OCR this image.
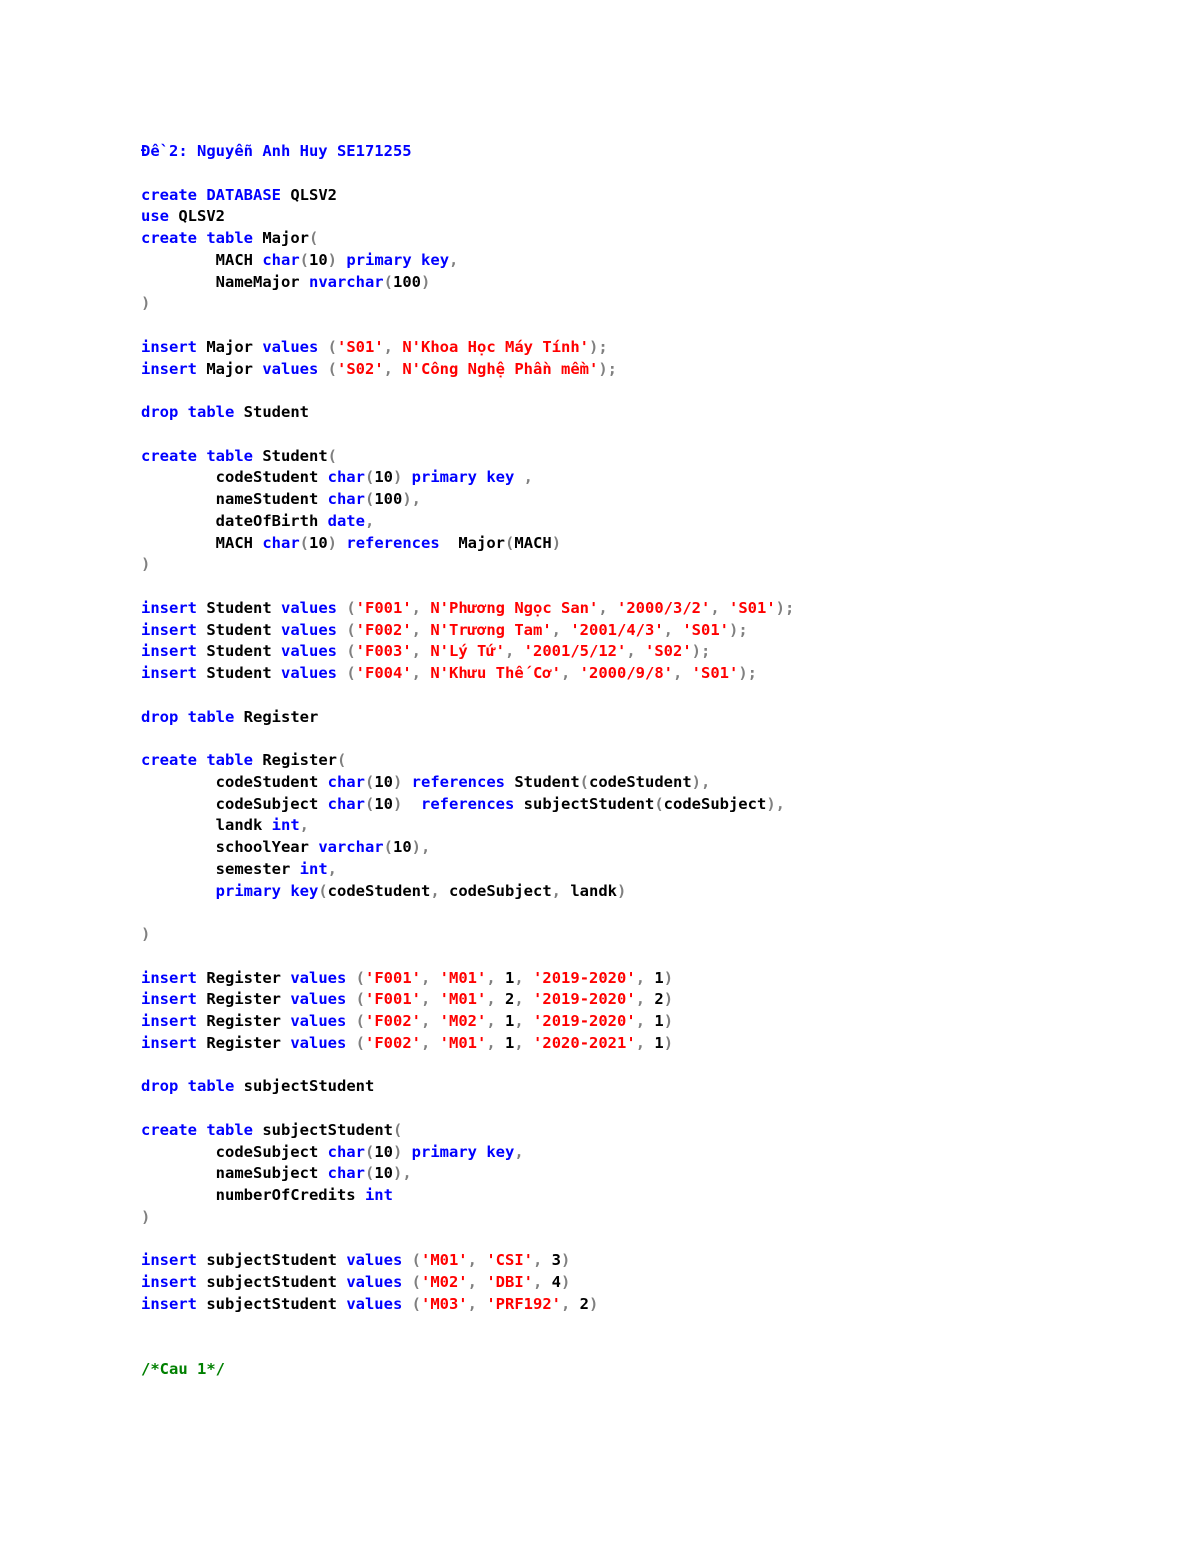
Đề 2: Nguyễn Anh Huy SE171255

create DATABASE QLSV2
use QLSV2
create table Major(
	MACH char(10) primary key,
	NameMajor nvarchar(100)
)

insert Major values ('S01', N'Khoa Học Máy Tính');
insert Major values ('S02', N'Công Nghệ Phần mềm');

drop table Student

create table Student(
	codeStudent char(10) primary key ,
	nameStudent char(100),
	dateOfBirth date,
	MACH char(10) references  Major(MACH)
)

insert Student values ('F001', N'Phương Ngọc San', '2000/3/2', 'S01');
insert Student values ('F002', N'Trương Tam', '2001/4/3', 'S01');
insert Student values ('F003', N'Lý Tứ', '2001/5/12', 'S02');
insert Student values ('F004', N'Khưu Thế Cơ', '2000/9/8', 'S01');

drop table Register

create table Register(
	codeStudent char(10) references Student(codeStudent),
	codeSubject char(10) references subjectStudent(codeSubject),
	landk int,
	schoolYear varchar(10),
	semester int,
	primary key(codeStudent, codeSubject, landk)

)

insert Register values ('F001', 'M01', 1, '2019-2020', 1)
insert Register values ('F001', 'M01', 2, '2019-2020', 2)
insert Register values ('F002', 'M02', 1, '2019-2020', 1)
insert Register values ('F002', 'M01', 1, '2020-2021', 1)

drop table subjectStudent

create table subjectStudent(
	codeSubject char(10) primary key,
	nameSubject char(10),
	numberOfCredits int
)

insert subjectStudent values ('M01', 'CSI', 3)
insert subjectStudent values ('M02', 'DBI', 4)
insert subjectStudent values ('M03', 'PRF192', 2)

/*Cau 1*/
